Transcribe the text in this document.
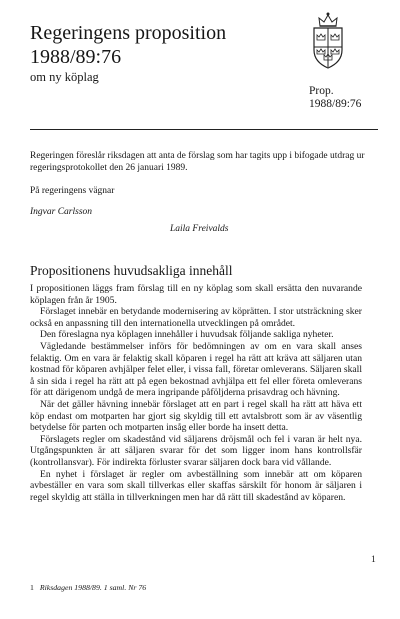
Regeringens proposition
1988/89:76
om ny köplag
Prop.
1988/89:76
Regeringen föreslår riksdagen att anta de förslag som har tagits upp i bifogade utdrag ur regeringsprotokollet den 26 januari 1989.
På regeringens vägnar
Ingvar Carlsson
Laila Freivalds
Propositionens huvudsakliga innehåll

I propositionen läggs fram förslag till en ny köplag som skall ersätta den nuvarande köplagen från år 1905.

Förslaget innebär en betydande modernisering av köprätten. I stor utsträckning sker också en anpassning till den internationella utvecklingen på området.

Den föreslagna nya köplagen innehåller i huvudsak följande sakliga nyheter.

Vägledande bestämmelser införs för bedömningen av om en vara skall anses felaktig. Om en vara är felaktig skall köparen i regel ha rätt att kräva att säljaren utan kostnad för köparen avhjälper felet eller, i vissa fall, företar omleverans. Säljaren skall å sin sida i regel ha rätt att på egen bekostnad avhjälpa ett fel eller företa omleverans för att därigenom undgå de mera ingripande påföljderna prisavdrag och hävning.

När det gäller hävning innebär förslaget att en part i regel skall ha rätt att häva ett köp endast om motparten har gjort sig skyldig till ett avtalsbrott som är av väsentlig betydelse för parten och motparten insåg eller borde ha insett detta.

Förslagets regler om skadestånd vid säljarens dröjsmål och fel i varan är helt nya. Utgångspunkten är att säljaren svarar för det som ligger inom hans kontrollsfär (kontrollansvar). För indirekta förluster svarar säljaren dock bara vid vållande.

En nyhet i förslaget är regler om avbeställning som innebär att om köparen avbeställer en vara som skall tillverkas eller skaffas särskilt för honom är säljaren i regel skyldig att ställa in tillverkningen men har då rätt till skadestånd av köparen.

1
1 Riksdagen 1988/89. 1 saml. Nr 76
